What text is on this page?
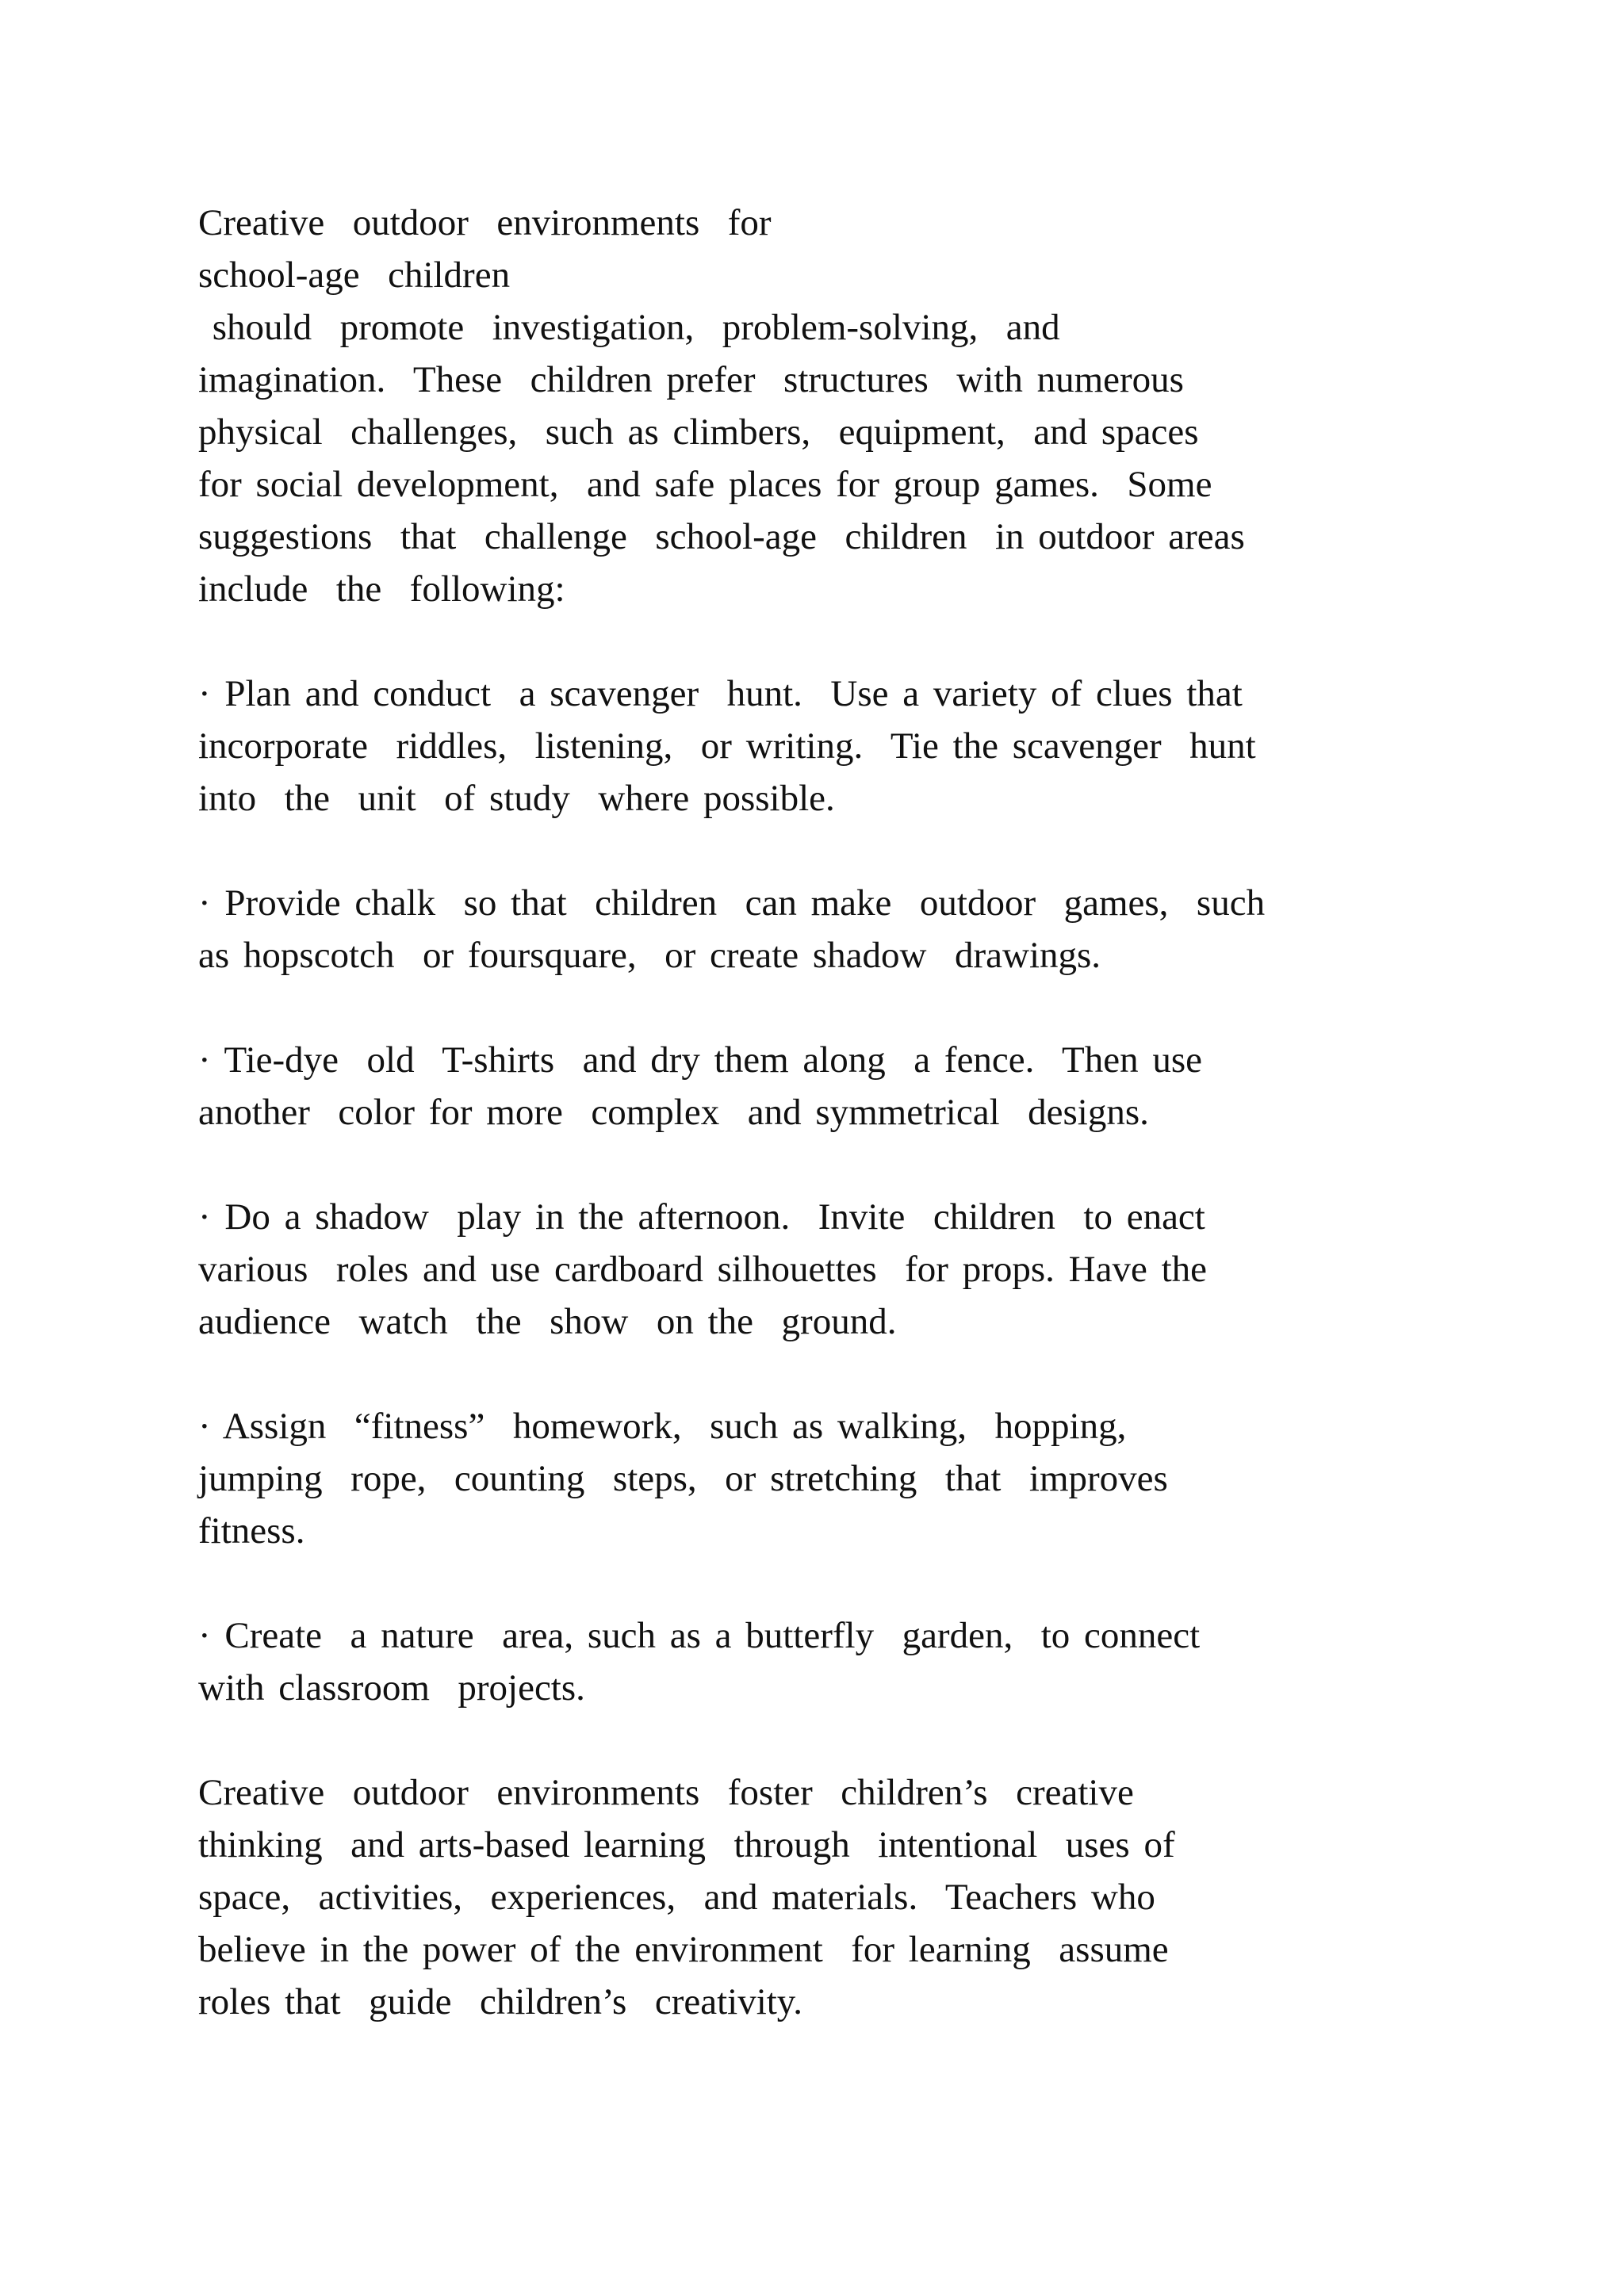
Creative  outdoor  environments  for
school-age  children
should  promote  investigation,  problem-solving,  and
imagination.  These  children prefer  structures  with numerous
physical  challenges,  such as climbers,  equipment,  and spaces
for social development,  and safe places for group games.  Some
suggestions  that  challenge  school-age  children  in outdoor areas
include  the  following:
· Plan and conduct  a scavenger  hunt.  Use a variety of clues that
incorporate  riddles,  listening,  or writing.  Tie the scavenger  hunt
into  the  unit  of study  where possible.
· Provide chalk  so that  children  can make  outdoor  games,  such
as hopscotch  or foursquare,  or create shadow  drawings.
· Tie-dye  old  T-shirts  and dry them along  a fence.  Then use
another  color for more  complex  and symmetrical  designs.
· Do a shadow  play in the afternoon.  Invite  children  to enact
various  roles and use cardboard silhouettes  for props. Have the
audience  watch  the  show  on the  ground.
· Assign  “fitness”  homework,  such as walking,  hopping,
jumping  rope,  counting  steps,  or stretching  that  improves
fitness.
· Create  a nature  area, such as a butterfly  garden,  to connect
with classroom  projects.
Creative  outdoor  environments  foster  children’s  creative
thinking  and arts-based learning  through  intentional  uses of
space,  activities,  experiences,  and materials.  Teachers who
believe in the power of the environment  for learning  assume
roles that  guide  children’s  creativity.
